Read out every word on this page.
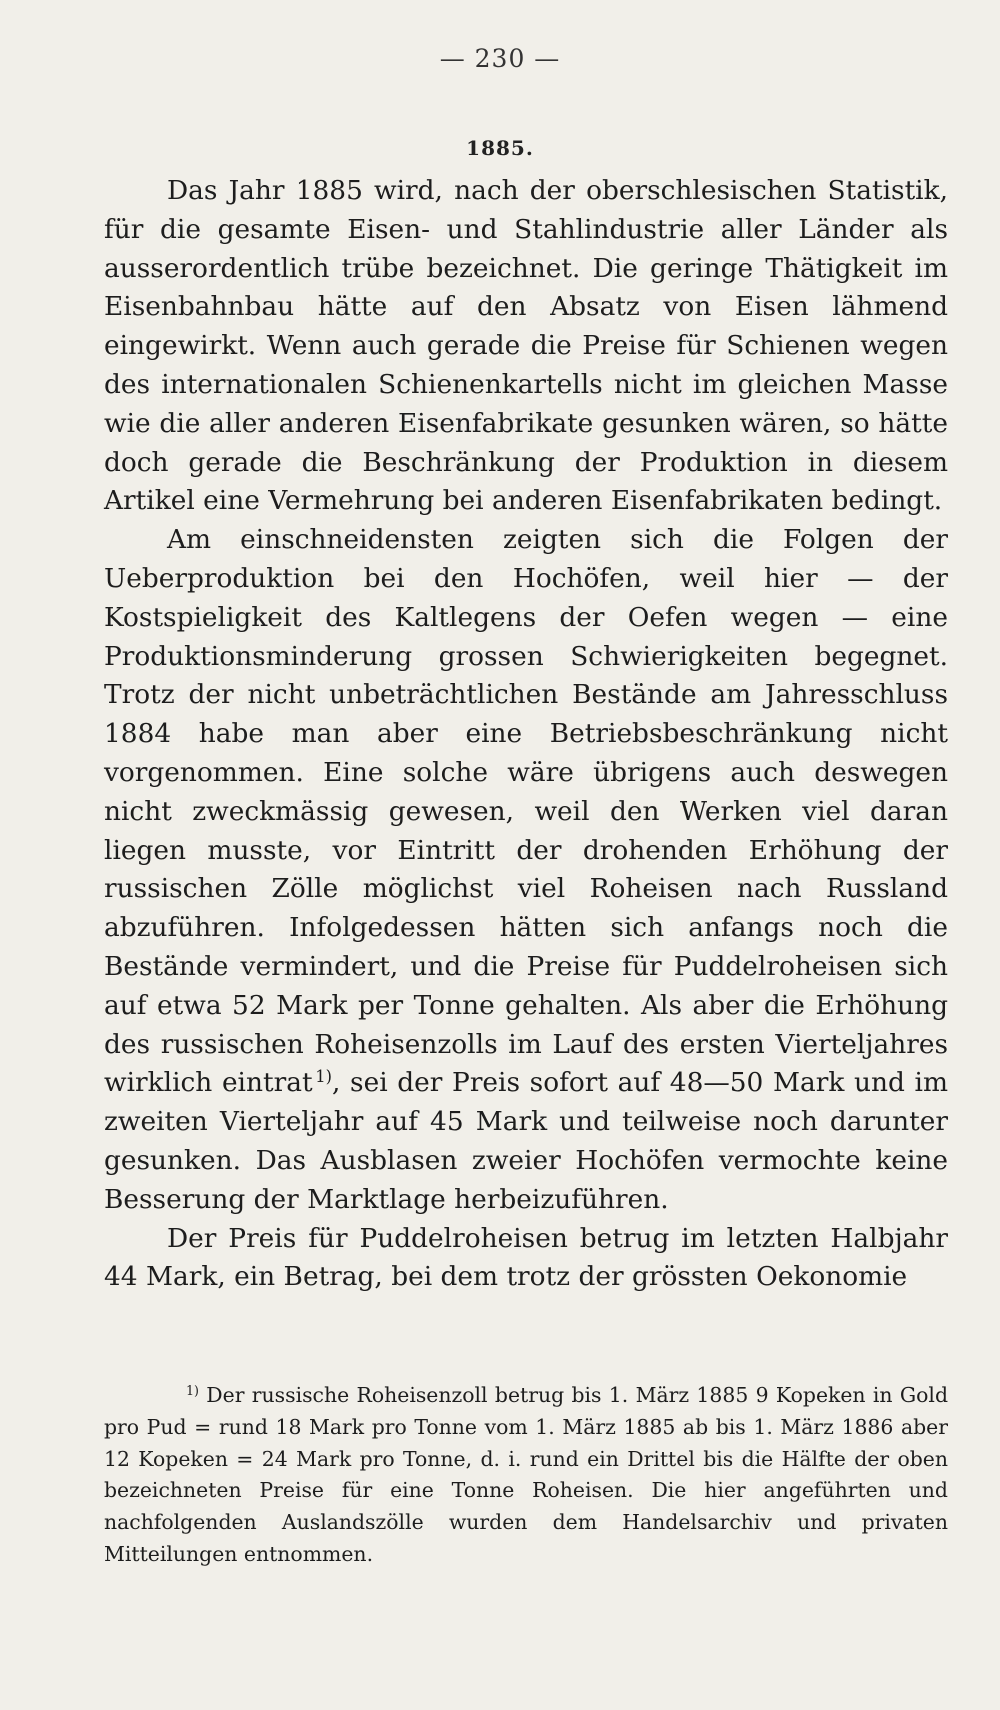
— 230 —
1885.

Das Jahr 1885 wird, nach der oberschlesischen Statistik, für die gesamte Eisen- und Stahlindustrie aller Länder als ausserordentlich trübe bezeichnet. Die geringe Thätigkeit im Eisenbahnbau hätte auf den Absatz von Eisen lähmend eingewirkt. Wenn auch gerade die Preise für Schienen wegen des internationalen Schienenkartells nicht im gleichen Masse wie die aller anderen Eisenfabrikate gesunken wären, so hätte doch gerade die Beschränkung der Produktion in diesem Artikel eine Vermehrung bei anderen Eisenfabrikaten bedingt.

Am einschneidensten zeigten sich die Folgen der Ueberproduktion bei den Hochöfen, weil hier — der Kostspieligkeit des Kaltlegens der Oefen wegen — eine Produktionsminderung grossen Schwierigkeiten begegnet. Trotz der nicht unbeträchtlichen Bestände am Jahresschluss 1884 habe man aber eine Betriebsbeschränkung nicht vorgenommen. Eine solche wäre übrigens auch deswegen nicht zweckmässig gewesen, weil den Werken viel daran liegen musste, vor Eintritt der drohenden Erhöhung der russischen Zölle möglichst viel Roheisen nach Russland abzuführen. Infolgedessen hätten sich anfangs noch die Bestände vermindert, und die Preise für Puddelroheisen sich auf etwa 52 Mark per Tonne gehalten. Als aber die Erhöhung des russischen Roheisenzolls im Lauf des ersten Vierteljahres wirklich eintrat  $^{1)}$, sei der Preis sofort auf 48—50 Mark und im zweiten Vierteljahr auf 45 Mark und teilweise noch darunter gesunken. Das Ausblasen zweier Hochöfen vermochte keine Besserung der Marktlage herbeizuführen.

Der Preis für Puddelroheisen betrug im letzten Halbjahr 44 Mark, ein Betrag, bei dem trotz der grössten Oekonomie

$^{1)}$ Der russische Roheisenzoll betrug bis 1. März 1885 9 Kopeken in Gold pro Pud = rund 18 Mark pro Tonne vom 1. März 1885 ab bis 1. März 1886 aber 12 Kopeken = 24 Mark pro Tonne, d. i. rund ein Drittel bis die Hälfte der oben bezeichneten Preise für eine Tonne Roheisen. Die hier angeführten und nachfolgenden Auslandszölle wurden dem Handelsarchiv und privaten Mitteilungen entnommen.
